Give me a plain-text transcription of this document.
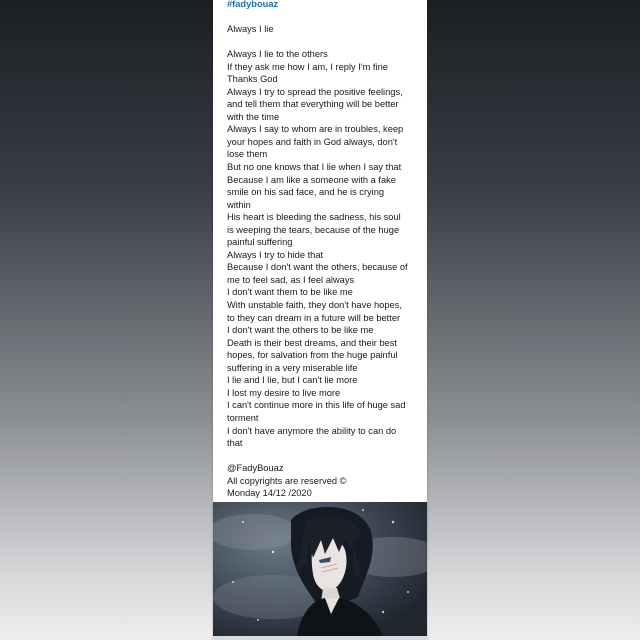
#fadybouaz
Always I lie
Always I lie to the others
If they ask me how I am, I reply I'm fine
Thanks God
Always I try to spread the positive feelings,
and tell them that everything will be better
with the time
Always I say to whom are in troubles, keep
your hopes and faith in God always, don't
lose them
But no one knows that I lie when I say that
Because I am like a someone with a fake
smile on his sad face, and he is crying
within
His heart is bleeding the sadness, his soul
is weeping the tears, because of the huge
painful suffering
Always I try to hide that
Because I don't want the others, because of
me to feel sad, as I feel always
I don't want them to be like me
With unstable faith, they don't have hopes,
to they can dream in a future will be better
I don't want the others to be like me
Death is their best dreams, and their best
hopes, for salvation from the huge painful
suffering in a very miserable life
I lie and I lie, but I can't lie more
I lost my desire to live more
I can't continue more in this life of huge sad
torment
I don't have anymore the ability to can do
that
@FadyBouaz
All copyrights are reserved ©
Monday 14/12 /2020
